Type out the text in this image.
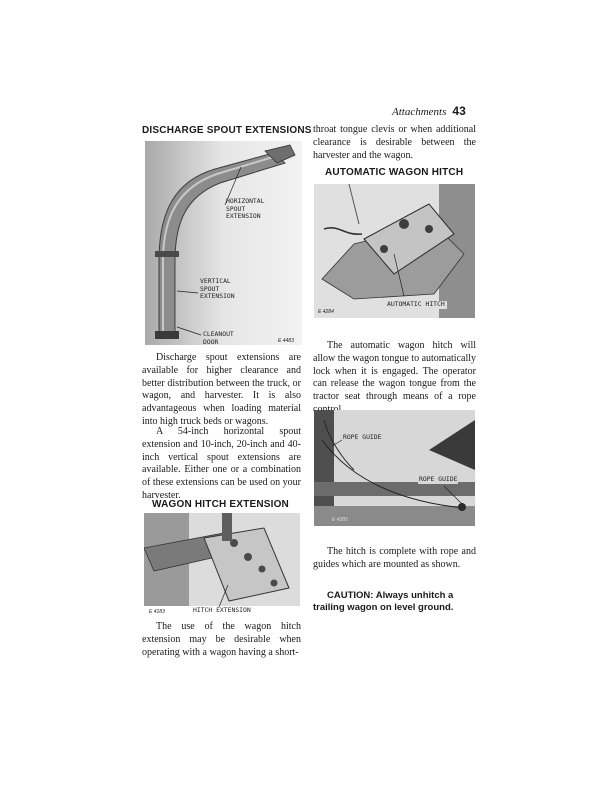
Attachments 43
DISCHARGE SPOUT EXTENSIONS
HORIZONTAL
SPOUT
EXTENSION
VERTICAL
SPOUT
EXTENSION
CLEANOUT
DOOR	E 4483

Discharge spout extensions are available for higher clearance and better distribution between the truck, or wagon, and harvester. It is also advantageous when loading material into high truck beds or wagons.

A 54-inch horizontal spout extension and 10-inch, 20-inch and 40-inch vertical spout extensions are available. Either one or a combination of these extensions can be used on your harvester.

WAGON HITCH EXTENSION
E 4183	HITCH EXTENSION

The use of the wagon hitch extension may be desirable when operating with a wagon having a short-

throat tongue clevis or when additional clearance is desirable between the harvester and the wagon.

AUTOMATIC WAGON HITCH
E 4284
AUTOMATIC HITCH

The automatic wagon hitch will allow the wagon tongue to automatically lock when it is engaged. The operator can release the wagon tongue from the tractor seat through means of a rope

ROPE GUIDE
ROPE GUIDE
E 4285

The hitch is complete with rope and guides which are mounted as shown.

CAUTION: Always unhitch a trailing wagon on level ground.
